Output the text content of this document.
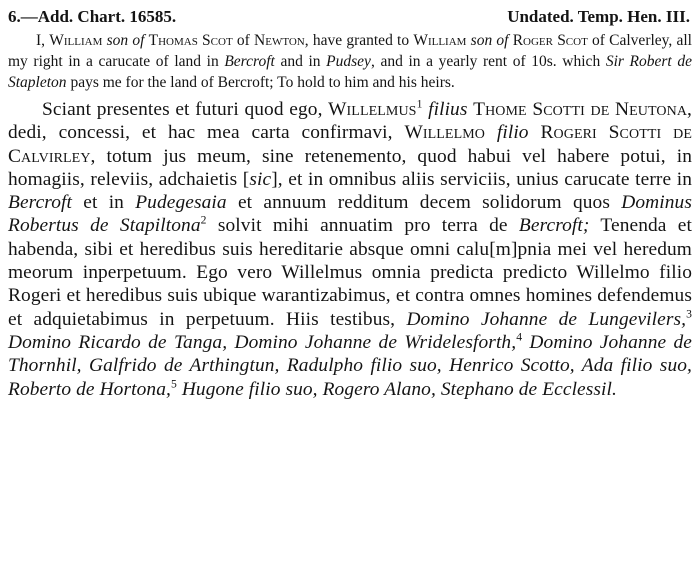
6.—Add. Chart. 16585.	Undated. Temp. Hen. III.

I, William son of Thomas Scot of Newton, have granted to William son of Roger Scot of Calverley, all my right in a carucate of land in Bercroft and in Pudsey, and in a yearly rent of 10s. which Sir Robert de Stapleton pays me for the land of Bercroft; To hold to him and his heirs.

Sciant presentes et futuri quod ego, Willelmus$^1$ filius Thome Scotti de Neutona, dedi, concessi, et hac mea carta confirmavi, Willelmo filio Rogeri Scotti de Calvirley, totum jus meum, sine retenemento, quod habui vel habere potui, in homagiis, releviis, adchaietis [sic], et in omnibus aliis serviciis, unius carucate terre in Bercroft et in Pudegesaia et annuum redditum decem solidorum quos Dominus Robertus de Stapiltona$^2$ solvit mihi annuatim pro terra de Bercroft; Tenenda et habenda, sibi et heredibus suis hereditarie absque omni calu[m]pnia mei vel heredum meorum inperpetuum. Ego vero Willelmus omnia predicta predicto Willelmo filio Rogeri et heredibus suis ubique warantizabimus, et contra omnes homines defendemus et adquietabimus in perpetuum. Hiis testibus, Domino Johanne de Lungevilers,$^3$ Domino Ricardo de Tanga, Domino Johanne de Wridelesforth,$^4$ Domino Johanne de Thornhil, Galfrido de Arthingtun, Radulpho filio suo, Henrico Scotto, Ada filio suo, Roberto de Hortona,$^5$ Hugone filio suo, Rogero Alano, Stephano de Ecclessil.
